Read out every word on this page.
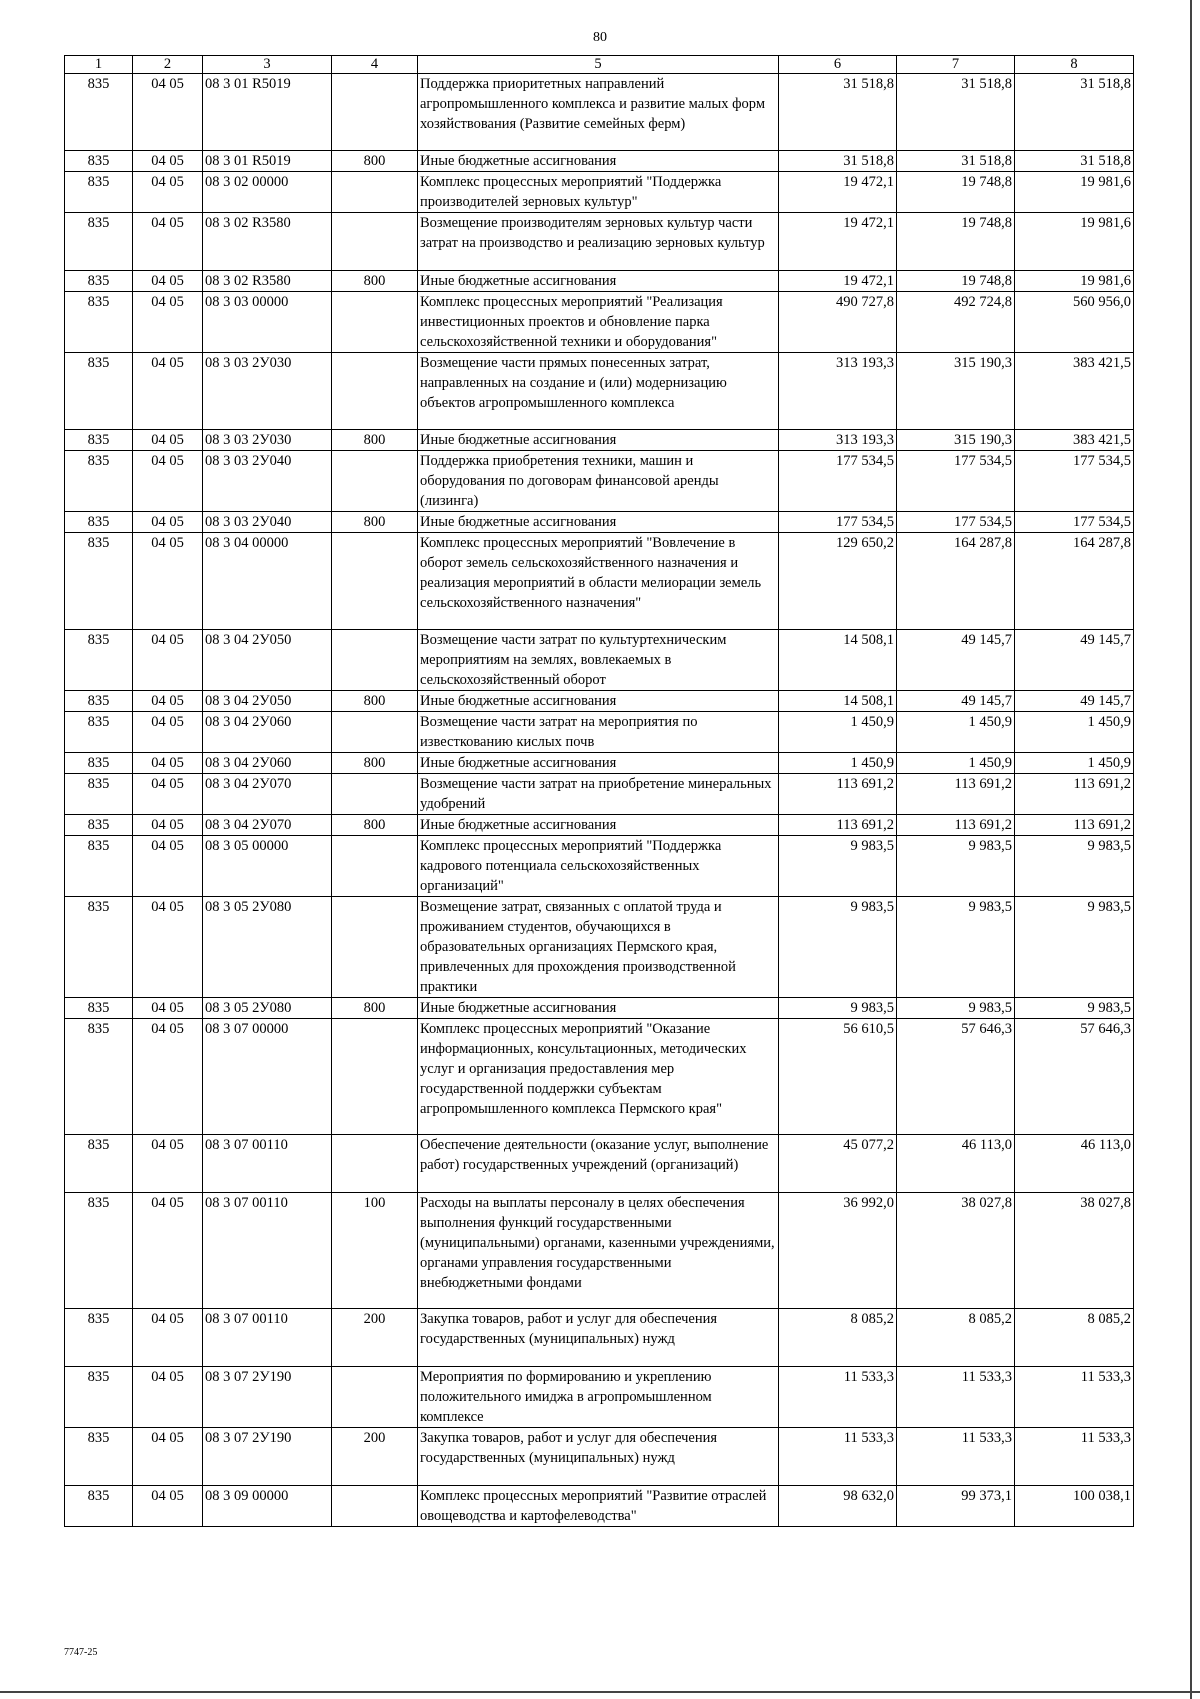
80
1	2	3	4	5	6	7	8
835	04 05	08 3 01 R5019		Поддержка приоритетных направлений агропромышленного комплекса и развитие малых форм хозяйствования (Развитие семейных ферм)	31 518,8	31 518,8	31 518,8
835	04 05	08 3 01 R5019	800	Иные бюджетные ассигнования	31 518,8	31 518,8	31 518,8
835	04 05	08 3 02 00000		Комплекс процессных мероприятий "Поддержка производителей зерновых культур"	19 472,1	19 748,8	19 981,6
835	04 05	08 3 02 R3580		Возмещение производителям зерновых культур части затрат на производство и реализацию зерновых культур	19 472,1	19 748,8	19 981,6
835	04 05	08 3 02 R3580	800	Иные бюджетные ассигнования	19 472,1	19 748,8	19 981,6
835	04 05	08 3 03 00000		Комплекс процессных мероприятий "Реализация инвестиционных проектов и обновление парка сельскохозяйственной техники и оборудования"	490 727,8	492 724,8	560 956,0
835	04 05	08 3 03 2У030		Возмещение части прямых понесенных затрат, направленных на создание и (или) модернизацию объектов агропромышленного комплекса	313 193,3	315 190,3	383 421,5
835	04 05	08 3 03 2У030	800	Иные бюджетные ассигнования	313 193,3	315 190,3	383 421,5
835	04 05	08 3 03 2У040		Поддержка приобретения техники, машин и оборудования по договорам финансовой аренды (лизинга)	177 534,5	177 534,5	177 534,5
835	04 05	08 3 03 2У040	800	Иные бюджетные ассигнования	177 534,5	177 534,5	177 534,5
835	04 05	08 3 04 00000		Комплекс процессных мероприятий "Вовлечение в оборот земель сельскохозяйственного назначения и реализация мероприятий в области мелиорации земель сельскохозяйственного назначения"	129 650,2	164 287,8	164 287,8
835	04 05	08 3 04 2У050		Возмещение части затрат по культуртехническим мероприятиям на землях, вовлекаемых в сельскохозяйственный оборот	14 508,1	49 145,7	49 145,7
835	04 05	08 3 04 2У050	800	Иные бюджетные ассигнования	14 508,1	49 145,7	49 145,7
835	04 05	08 3 04 2У060		Возмещение части затрат на мероприятия по известкованию кислых почв	1 450,9	1 450,9	1 450,9
835	04 05	08 3 04 2У060	800	Иные бюджетные ассигнования	1 450,9	1 450,9	1 450,9
835	04 05	08 3 04 2У070		Возмещение части затрат на приобретение минеральных удобрений	113 691,2	113 691,2	113 691,2
835	04 05	08 3 04 2У070	800	Иные бюджетные ассигнования	113 691,2	113 691,2	113 691,2
835	04 05	08 3 05 00000		Комплекс процессных мероприятий "Поддержка кадрового потенциала сельскохозяйственных организаций"	9 983,5	9 983,5	9 983,5
835	04 05	08 3 05 2У080		Возмещение затрат, связанных с оплатой труда и проживанием студентов, обучающихся в образовательных организациях Пермского края, привлеченных для прохождения производственной практики	9 983,5	9 983,5	9 983,5
835	04 05	08 3 05 2У080	800	Иные бюджетные ассигнования	9 983,5	9 983,5	9 983,5
835	04 05	08 3 07 00000		Комплекс процессных мероприятий "Оказание информационных, консультационных, методических услуг и организация предоставления мер государственной поддержки субъектам агропромышленного комплекса Пермского края"	56 610,5	57 646,3	57 646,3
835	04 05	08 3 07 00110		Обеспечение деятельности (оказание услуг, выполнение работ) государственных учреждений (организаций)	45 077,2	46 113,0	46 113,0
835	04 05	08 3 07 00110	100	Расходы на выплаты персоналу в целях обеспечения выполнения функций государственными (муниципальными) органами, казенными учреждениями, органами управления государственными внебюджетными фондами	36 992,0	38 027,8	38 027,8
835	04 05	08 3 07 00110	200	Закупка товаров, работ и услуг для обеспечения государственных (муниципальных) нужд	8 085,2	8 085,2	8 085,2
835	04 05	08 3 07 2У190		Мероприятия по формированию и укреплению положительного имиджа в агропромышленном комплексе	11 533,3	11 533,3	11 533,3
835	04 05	08 3 07 2У190	200	Закупка товаров, работ и услуг для обеспечения государственных (муниципальных) нужд	11 533,3	11 533,3	11 533,3
835	04 05	08 3 09 00000		Комплекс процессных мероприятий "Развитие отраслей овощеводства и картофелеводства"	98 632,0	99 373,1	100 038,1
7747-25
